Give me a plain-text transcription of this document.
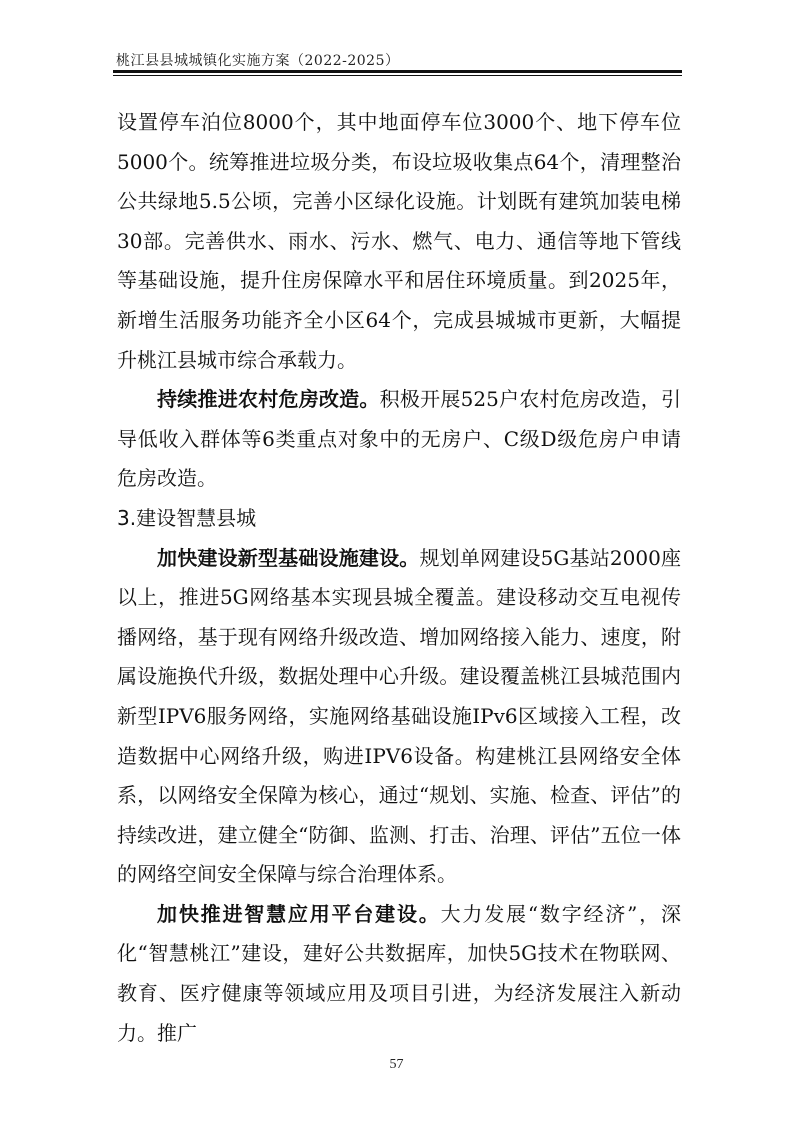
桃江县县城城镇化实施方案（2022-2025）

设置停车泊位8000个，其中地面停车位3000个、地下停车位5000个。统筹推进垃圾分类，布设垃圾收集点64个，清理整治公共绿地5.5公顷，完善小区绿化设施。计划既有建筑加装电梯30部。完善供水、雨水、污水、燃气、电力、通信等地下管线等基础设施，提升住房保障水平和居住环境质量。到2025年，新增生活服务功能齐全小区64个，完成县城城市更新，大幅提升桃江县城市综合承载力。

持续推进农村危房改造。积极开展525户农村危房改造，引导低收入群体等6类重点对象中的无房户、C级D级危房户申请危房改造。

3.建设智慧县城

加快建设新型基础设施建设。规划单网建设5G基站2000座以上，推进5G网络基本实现县城全覆盖。建设移动交互电视传播网络，基于现有网络升级改造、增加网络接入能力、速度，附属设施换代升级，数据处理中心升级。建设覆盖桃江县城范围内新型IPV6服务网络，实施网络基础设施IPv6区域接入工程，改造数据中心网络升级，购进IPV6设备。构建桃江县网络安全体系，以网络安全保障为核心，通过“规划、实施、检查、评估”的持续改进，建立健全“防御、监测、打击、治理、评估”五位一体的网络空间安全保障与综合治理体系。

加快推进智慧应用平台建设。大力发展“数字经济”，深化“智慧桃江”建设，建好公共数据库，加快5G技术在物联网、教育、医疗健康等领域应用及项目引进，为经济发展注入新动力。推广

57
